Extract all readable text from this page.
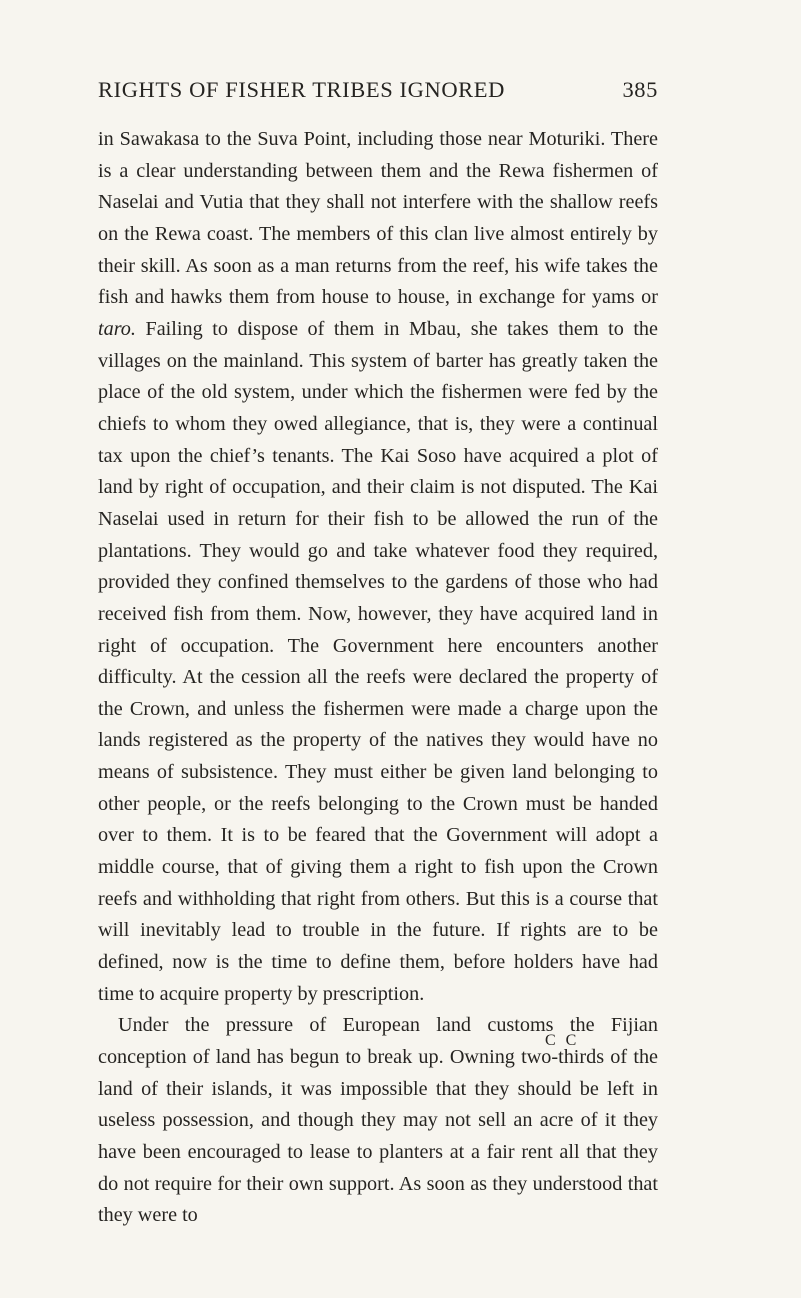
RIGHTS OF FISHER TRIBES IGNORED	385

in Sawakasa to the Suva Point, including those near Moturiki. There is a clear understanding between them and the Rewa fishermen of Naselai and Vutia that they shall not interfere with the shallow reefs on the Rewa coast. The members of this clan live almost entirely by their skill. As soon as a man returns from the reef, his wife takes the fish and hawks them from house to house, in exchange for yams or taro. Failing to dispose of them in Mbau, she takes them to the villages on the mainland. This system of barter has greatly taken the place of the old system, under which the fishermen were fed by the chiefs to whom they owed allegiance, that is, they were a continual tax upon the chief’s tenants. The Kai Soso have acquired a plot of land by right of occupation, and their claim is not disputed. The Kai Naselai used in return for their fish to be allowed the run of the plantations. They would go and take whatever food they required, provided they confined themselves to the gardens of those who had received fish from them. Now, however, they have acquired land in right of occupation. The Government here encounters another difficulty. At the cession all the reefs were declared the property of the Crown, and unless the fishermen were made a charge upon the lands registered as the property of the natives they would have no means of subsistence. They must either be given land belonging to other people, or the reefs belonging to the Crown must be handed over to them. It is to be feared that the Government will adopt a middle course, that of giving them a right to fish upon the Crown reefs and withholding that right from others. But this is a course that will inevitably lead to trouble in the future. If rights are to be defined, now is the time to define them, before holders have had time to acquire property by prescription.

Under the pressure of European land customs the Fijian conception of land has begun to break up. Owning two-thirds of the land of their islands, it was impossible that they should be left in useless possession, and though they may not sell an acre of it they have been encouraged to lease to planters at a fair rent all that they do not require for their own support. As soon as they understood that they were to

C C
